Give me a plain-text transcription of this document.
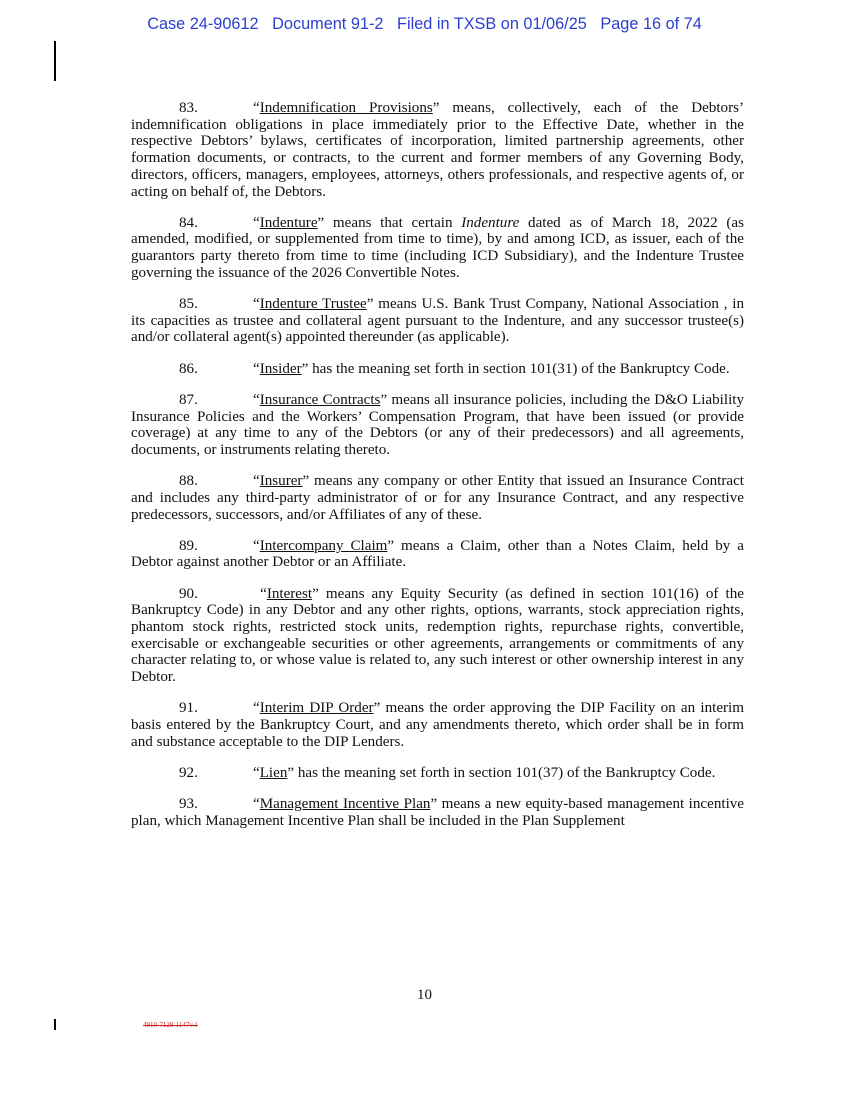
Case 24-90612 Document 91-2 Filed in TXSB on 01/06/25 Page 16 of 74

83.	“Indemnification Provisions” means, collectively, each of the Debtors’ indemnification obligations in place immediately prior to the Effective Date, whether in the respective Debtors’ bylaws, certificates of incorporation, limited partnership agreements, other formation documents, or contracts, to the current and former members of any Governing Body, directors, officers, managers, employees, attorneys, others professionals, and respective agents of, or acting on behalf of, the Debtors.

84.	“Indenture” means that certain Indenture dated as of March 18, 2022 (as amended, modified, or supplemented from time to time), by and among ICD, as issuer, each of the guarantors party thereto from time to time (including ICD Subsidiary), and the Indenture Trustee governing the issuance of the 2026 Convertible Notes.

85.	“Indenture Trustee” means U.S. Bank Trust Company, National Association , in its capacities as trustee and collateral agent pursuant to the Indenture, and any successor trustee(s) and/or collateral agent(s) appointed thereunder (as applicable).

86.	“Insider” has the meaning set forth in section 101(31) of the Bankruptcy Code.

87.	“Insurance Contracts” means all insurance policies, including the D&O Liability Insurance Policies and the Workers’ Compensation Program, that have been issued (or provide coverage) at any time to any of the Debtors (or any of their predecessors) and all agreements, documents, or instruments relating thereto.

88.	“Insurer” means any company or other Entity that issued an Insurance Contract and includes any third-party administrator of or for any Insurance Contract, and any respective predecessors, successors, and/or Affiliates of any of these.

89.	“Intercompany Claim” means a Claim, other than a Notes Claim, held by a Debtor against another Debtor or an Affiliate.

90.	“Interest” means any Equity Security (as defined in section 101(16) of the Bankruptcy Code) in any Debtor and any other rights, options, warrants, stock appreciation rights, phantom stock rights, restricted stock units, redemption rights, repurchase rights, convertible, exercisable or exchangeable securities or other agreements, arrangements or commitments of any character relating to, or whose value is related to, any such interest or other ownership interest in any Debtor.

91.	“Interim DIP Order” means the order approving the DIP Facility on an interim basis entered by the Bankruptcy Court, and any amendments thereto, which order shall be in form and substance acceptable to the DIP Lenders.

92.	“Lien” has the meaning set forth in section 101(37) of the Bankruptcy Code.

93.	“Management Incentive Plan” means a new equity-based management incentive plan, which Management Incentive Plan shall be included in the Plan Supplement

10
4910-7129-1147v.1
